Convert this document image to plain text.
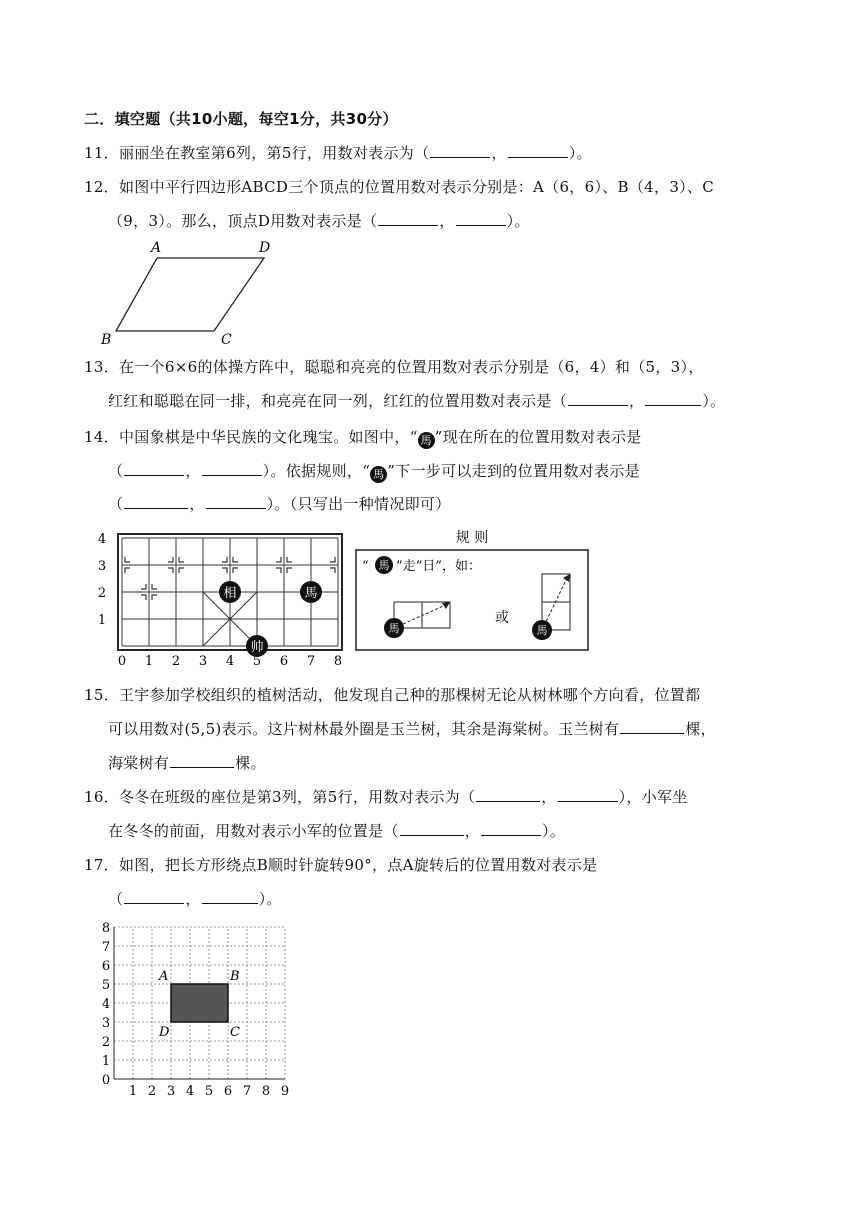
二．填空题（共10小题，每空1分，共30分）
11．丽丽坐在教室第6列，第5行，用数对表示为（	，	）。
12．如图中平行四边形ABCD三个顶点的位置用数对表示分别是：A（6，6）、B（4，3）、C
（9，3）。那么，顶点D用数对表示是（	，	）。
A	D
B	C
13．在一个6×6的体操方阵中，聪聪和亮亮的位置用数对表示分别是（6，4）和（5，3），
红红和聪聪在同一排，和亮亮在同一列，红红的位置用数对表示是（	，	）。
14．中国象棋是中华民族的文化瑰宝。如图中，“ 馬 ”现在所在的位置用数对表示是
（	，	）。依据规则，“ 馬 ”下一步可以走到的位置用数对表示是
（	，	）。（只写出一种情况即可）
相	馬
帅
0 1 2 3 4 5 6 7 8
4
3
2
1
规 则
“ 馬 ”走“日”，如：
馬
或
馬
15．王宇参加学校组织的植树活动，他发现自己种的那棵树无论从树林哪个方向看，位置都
可以用数对(5,5)表示。这片树林最外圈是玉兰树，其余是海棠树。玉兰树有	棵，
海棠树有	棵。
16．冬冬在班级的座位是第3列，第5行，用数对表示为（	，	），小军坐
在冬冬的前面，用数对表示小军的位置是（	，	）。
17．如图，把长方形绕点B顺时针旋转90°，点A旋转后的位置用数对表示是
（	，	）。
A	B
D	C
1 2 3 4 5 6 7 8 9
8
7
6
5
4
3
2
1
0
